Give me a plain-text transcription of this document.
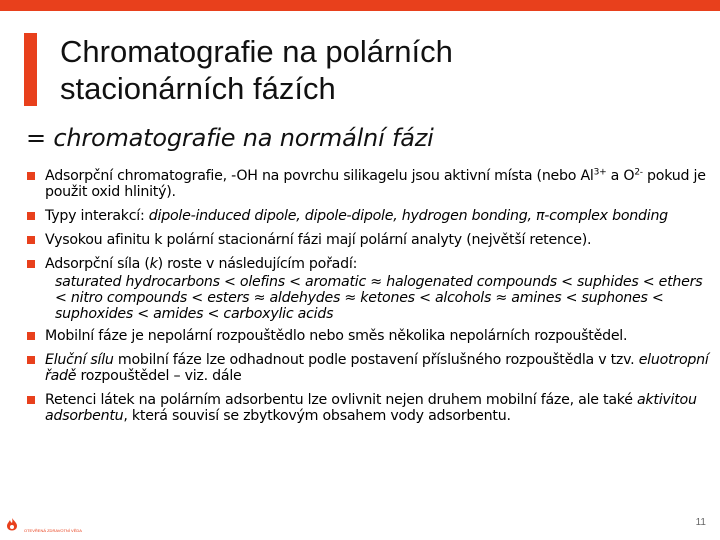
Chromatografie na polárních
stacionárních fázích
= chromatografie na normální fázi
Adsorpční chromatografie, -OH na povrchu silikagelu jsou aktivní místa (nebo $Al^{3+}$ a $O^{2-}$ pokud je použit oxid hlinitý).
Typy interakcí: dipole-induced dipole, dipole-dipole, hydrogen bonding, π-complex bonding
Vysokou afinitu k polární stacionární fázi mají polární analyty (největší retence).
Adsorpční síla (k) roste v následujícím pořadí:
saturated hydrocarbons < olefins < aromatic ≈ halogenated compounds < suphides < ethers < nitro compounds < esters ≈ aldehydes ≈ ketones < alcohols ≈ amines < suphones < suphoxides < amides < carboxylic acids
Mobilní fáze je nepolární rozpouštědlo nebo směs několika nepolárních rozpouštědel.
Eluční sílu mobilní fáze lze odhadnout podle postavení příslušného rozpouštědla v tzv. eluotropní řadě rozpouštědel – viz. dále
Retenci látek na polárním adsorbentu lze ovlivnit nejen druhem mobilní fáze, ale také aktivitou adsorbentu, která souvisí se zbytkovým obsahem vody adsorbentu.
OTEVŘENÁ ZDRAVOTNÍ VĚDA
11
